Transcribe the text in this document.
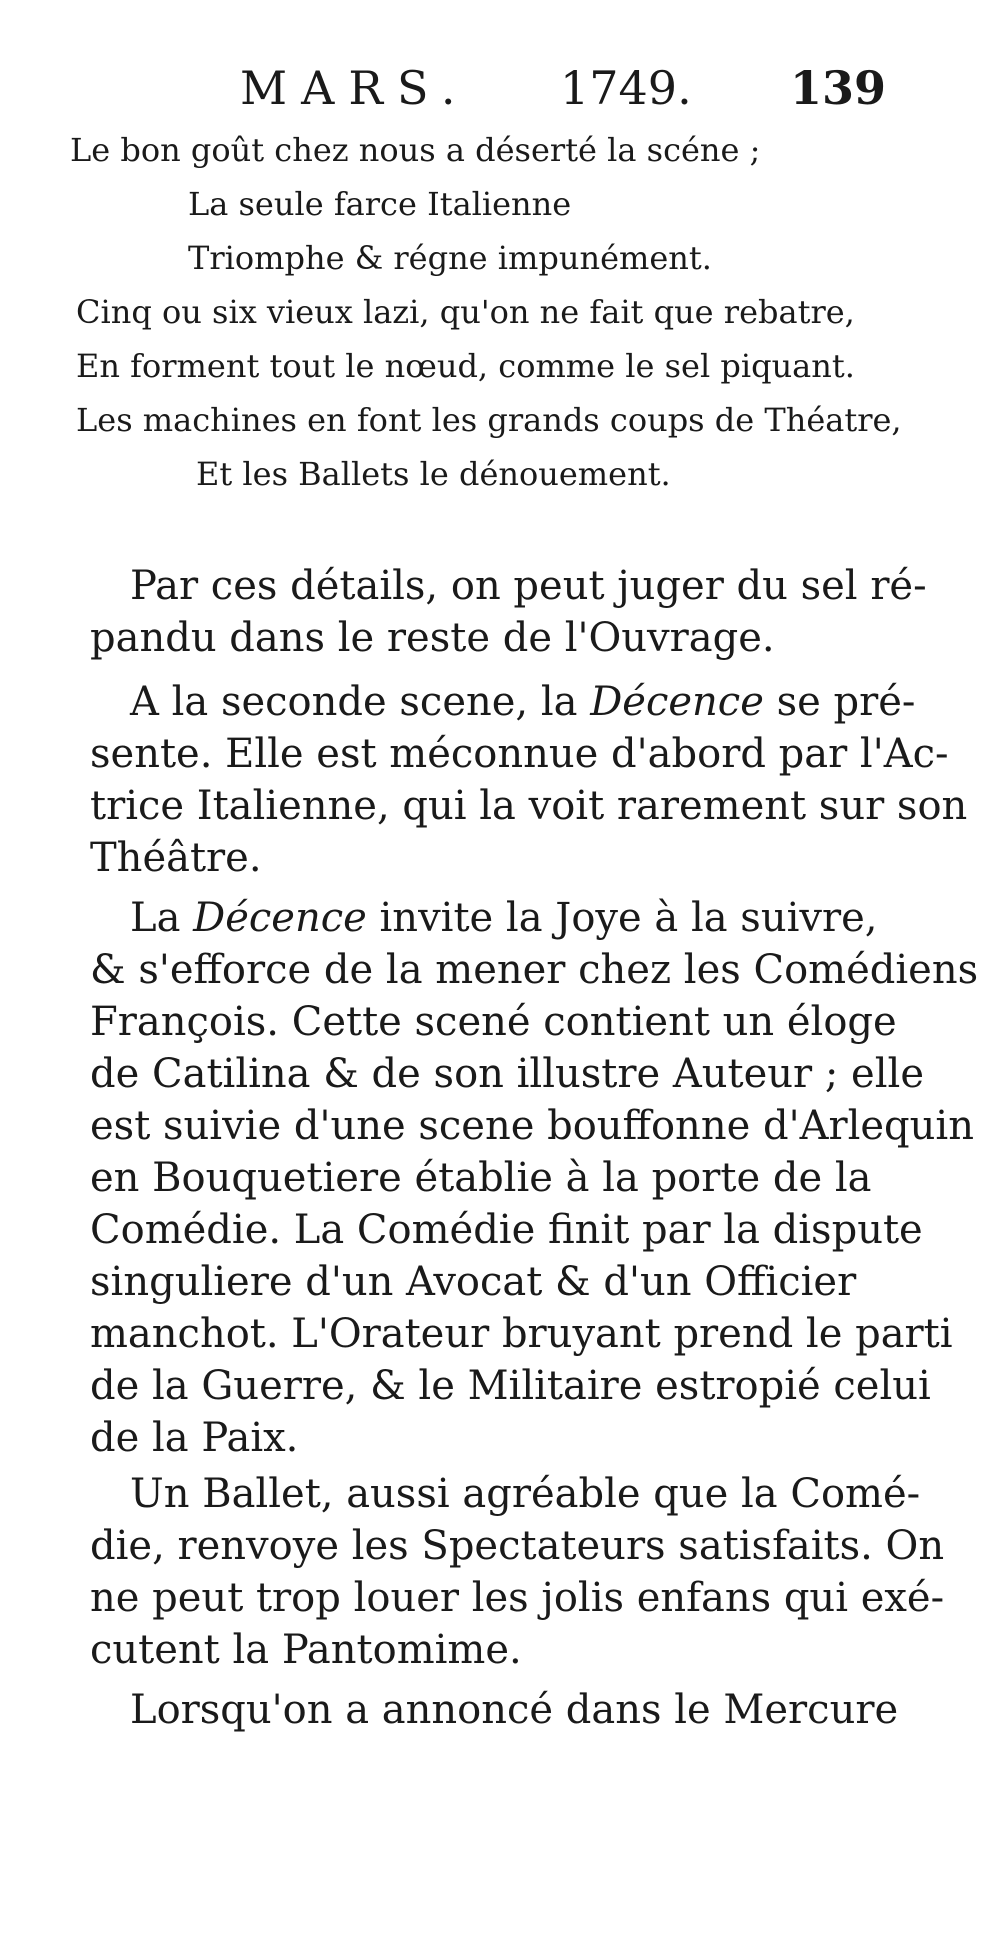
MARS. 1749. 139
Le bon goût chez nous a déserté la scéne ;
La seule farce Italienne
Triomphe & régne impunément.
Cinq ou six vieux lazi, qu'on ne fait que rebatre,
En forment tout le nœud, comme le sel piquant.
Les machines en font les grands coups de Théatre,
Et les Ballets le dénouement.
Par ces détails, on peut juger du sel ré-
pandu dans le reste de l'Ouvrage.
A la seconde scene, la Décence se pré-
sente. Elle est méconnue d'abord par l'Ac-
trice Italienne, qui la voit rarement sur son
Théâtre.
La Décence invite la Joye à la suivre,
& s'efforce de la mener chez les Comédiens
François. Cette scené contient un éloge
de Catilina & de son illustre Auteur ; elle
est suivie d'une scene bouffonne d'Arlequin
en Bouquetiere établie à la porte de la
Comédie. La Comédie finit par la dispute
singuliere d'un Avocat & d'un Officier
manchot. L'Orateur bruyant prend le parti
de la Guerre, & le Militaire estropié celui
de la Paix.
Un Ballet, aussi agréable que la Comé-
die, renvoye les Spectateurs satisfaits. On
ne peut trop louer les jolis enfans qui exé-
cutent la Pantomime.
Lorsqu'on a annoncé dans le Mercure
